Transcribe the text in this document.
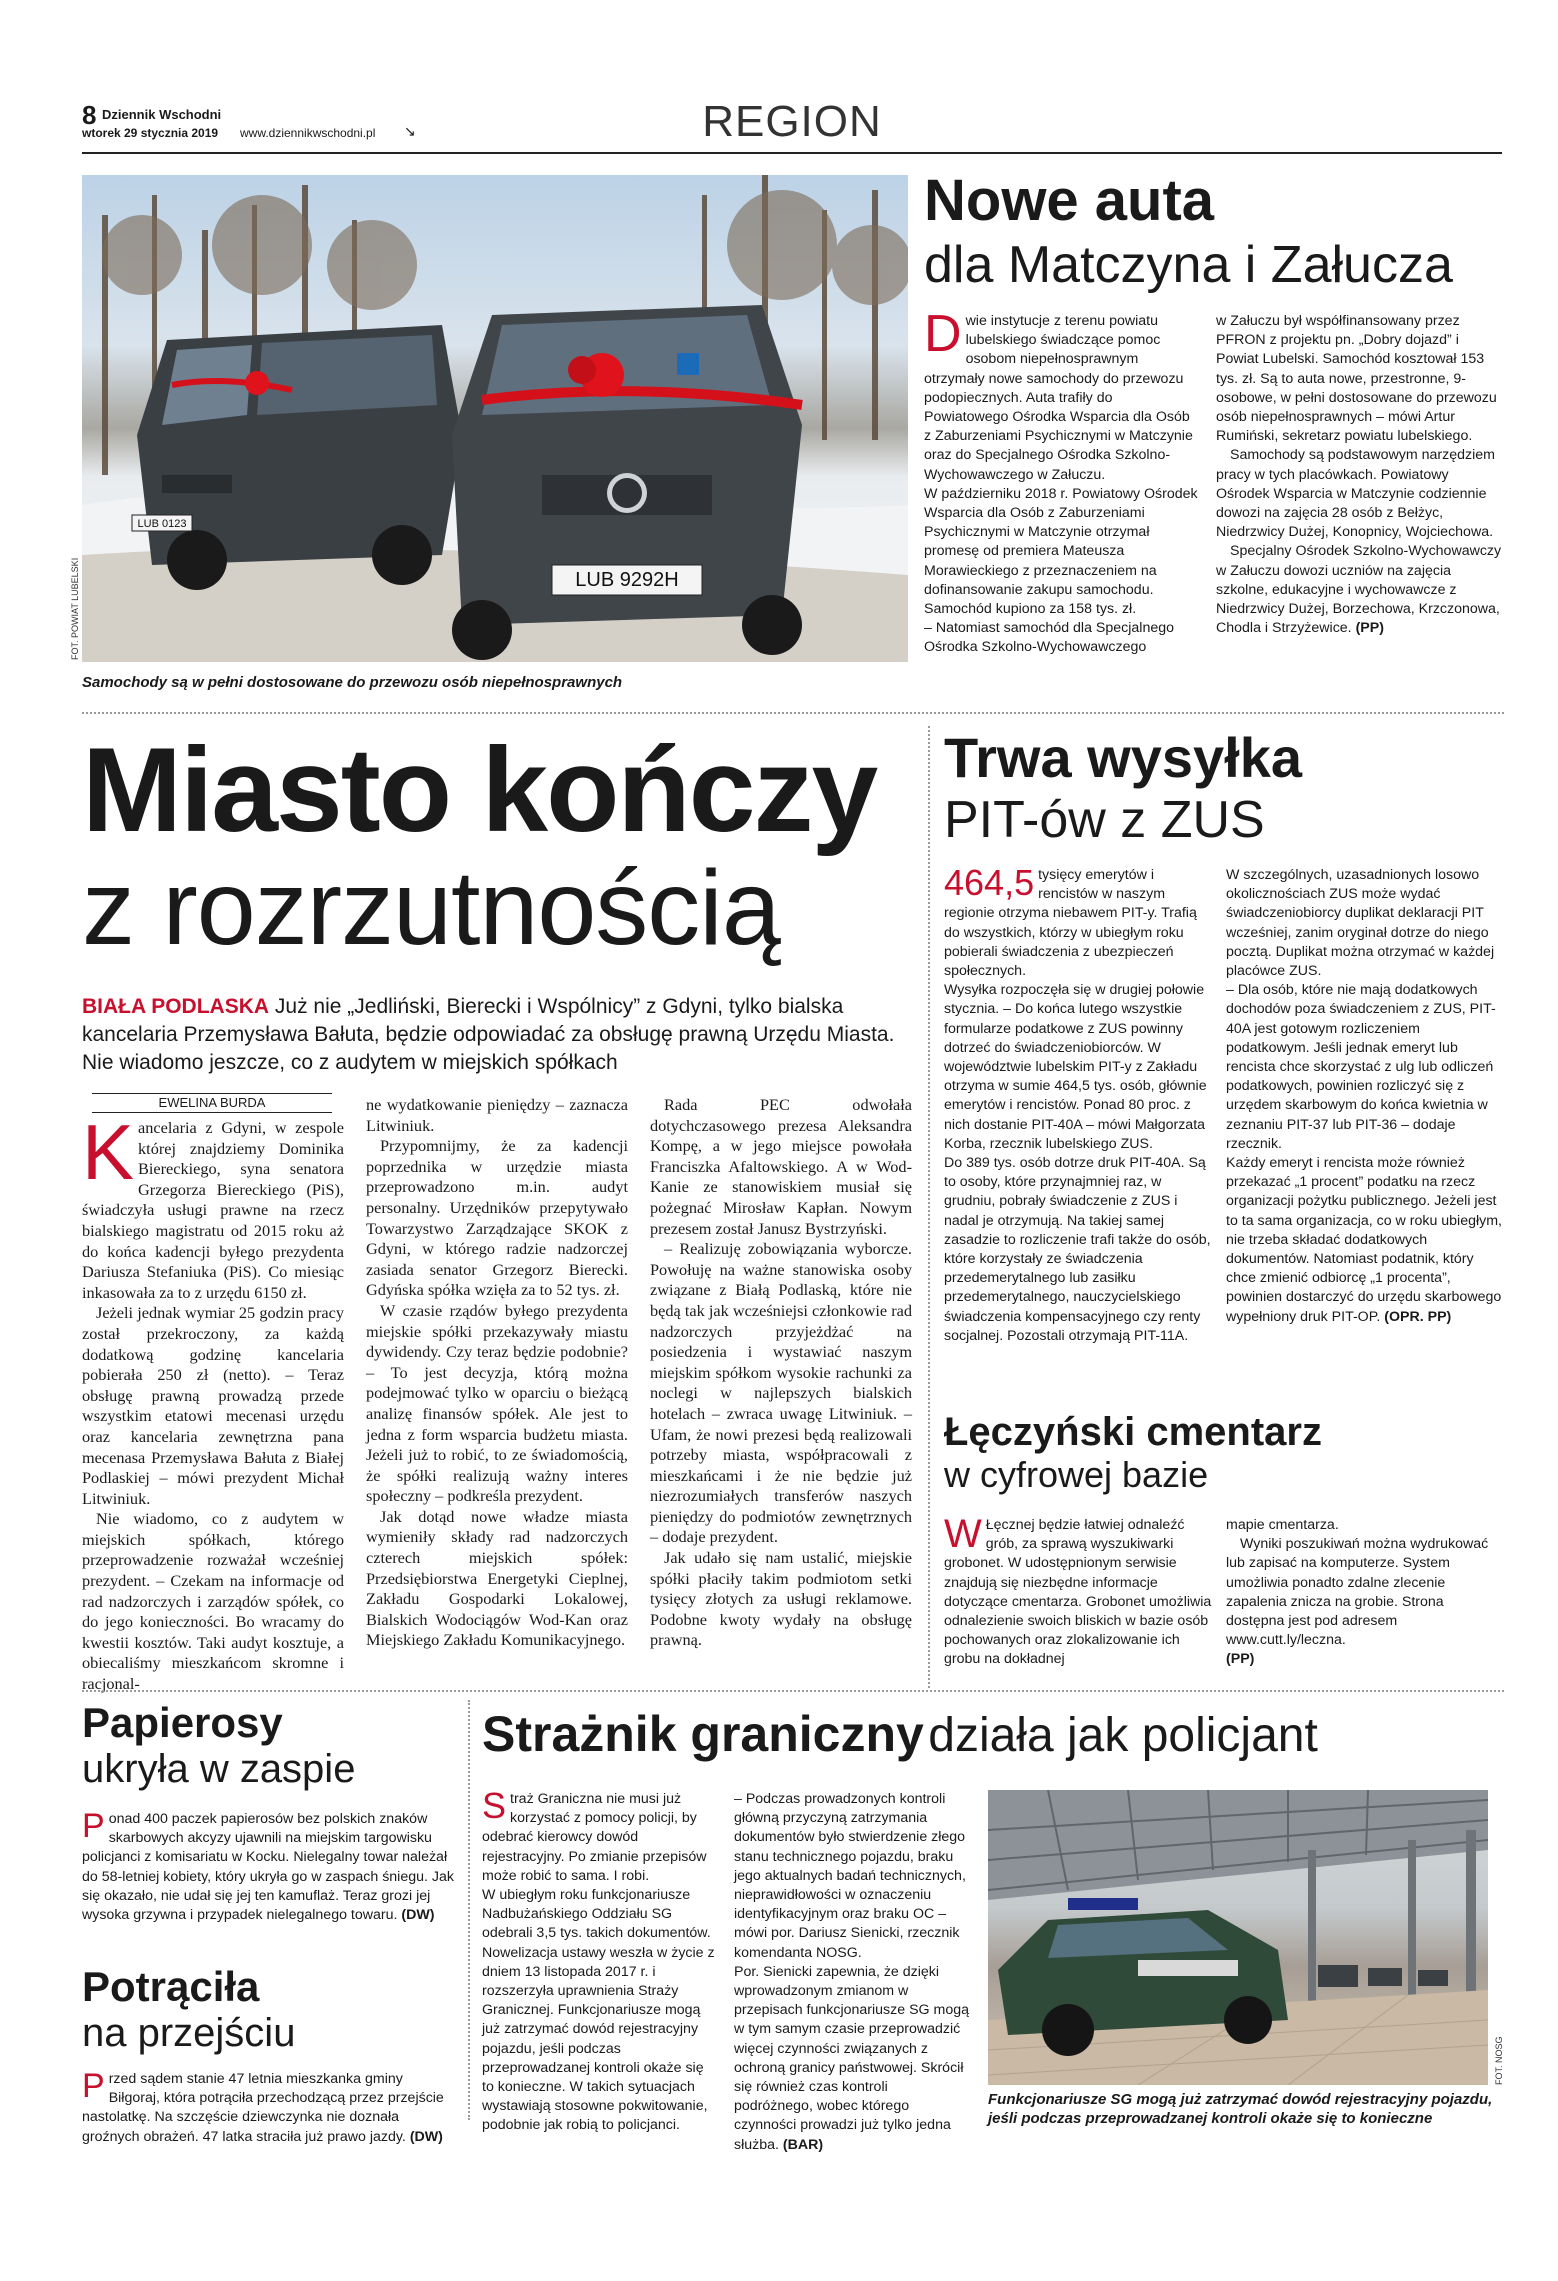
8 Dziennik Wschodni
wtorek 29 stycznia 2019 www.dziennikwschodni.pl ↘	REGION
LUB 0123
LUB 9292H
FOT. POWIAT LUBELSKI
Samochody są w pełni dostosowane do przewozu osób niepełnosprawnych
Nowe auta
dla Matczyna i Załucza
D wie instytucje z terenu powiatu lubelskiego świadczące pomoc osobom niepełnosprawnym otrzymały nowe samochody do przewozu podopiecznych. Auta trafiły do Powiatowego Ośrodka Wsparcia dla Osób z Zaburzeniami Psychicznymi w Matczynie oraz do Specjalnego Ośrodka Szkolno-Wychowawczego w Załuczu.
W październiku 2018 r. Powiatowy Ośrodek Wsparcia dla Osób z Zaburzeniami Psychicznymi w Matczynie otrzymał promesę od premiera Mateusza Morawieckiego z przeznaczeniem na dofinansowanie zakupu samochodu. Samochód kupiono za 158 tys. zł.
– Natomiast samochód dla Specjalnego Ośrodka Szkolno-Wychowawczego
w Załuczu był współfinansowany przez PFRON z projektu pn. „Dobry dojazd” i Powiat Lubelski. Samochód kosztował 153 tys. zł. Są to auta nowe, przestronne, 9-osobowe, w pełni dostosowane do przewozu osób niepełnosprawnych – mówi Artur Rumiński, sekretarz powiatu lubelskiego.
Samochody są podstawowym narzędziem pracy w tych placówkach. Powiatowy Ośrodek Wsparcia w Matczynie codziennie dowozi na zajęcia 28 osób z Bełżyc, Niedrzwicy Dużej, Konopnicy, Wojciechowa.
Specjalny Ośrodek Szkolno-Wychowawczy w Załuczu dowozi uczniów na zajęcia szkolne, edukacyjne i wychowawcze z Niedrzwicy Dużej, Borzechowa, Krzczonowa, Chodla i Strzyżewice. (PP)
Miasto kończy
z rozrzutnością
BIAŁA PODLASKA Już nie „Jedliński, Bierecki i Wspólnicy” z Gdyni, tylko bialska kancelaria Przemysława Bałuta, będzie odpowiadać za obsługę prawną Urzędu Miasta. Nie wiadomo jeszcze, co z audytem w miejskich spółkach
EWELINA BURDA
K ancelaria z Gdyni, w zespole której znajdziemy Dominika Biereckiego, syna senatora Grzegorza Biereckiego (PiS), świadczyła usługi prawne na rzecz bialskiego magistratu od 2015 roku aż do końca kadencji byłego prezydenta Dariusza Stefaniuka (PiS). Co miesiąc inkasowała za to z urzędu 6150 zł.
Jeżeli jednak wymiar 25 godzin pracy został przekroczony, za każdą dodatkową godzinę kancelaria pobierała 250 zł (netto). – Teraz obsługę prawną prowadzą przede wszystkim etatowi mecenasi urzędu oraz kancelaria zewnętrzna pana mecenasa Przemysława Bałuta z Białej Podlaskiej – mówi prezydent Michał Litwiniuk.
Nie wiadomo, co z audytem w miejskich spółkach, którego przeprowadzenie rozważał wcześniej prezydent. – Czekam na informacje od rad nadzorczych i zarządów spółek, co do jego konieczności. Bo wracamy do kwestii kosztów. Taki audyt kosztuje, a obiecaliśmy mieszkańcom skromne i racjonal-
ne wydatkowanie pieniędzy – zaznacza Litwiniuk.
Przypomnijmy, że za kadencji poprzednika w urzędzie miasta przeprowadzono m.in. audyt personalny. Urzędników przepytywało Towarzystwo Zarządzające SKOK z Gdyni, w którego radzie nadzorczej zasiada senator Grzegorz Bierecki. Gdyńska spółka wzięła za to 52 tys. zł.
W czasie rządów byłego prezydenta miejskie spółki przekazywały miastu dywidendy. Czy teraz będzie podobnie? – To jest decyzja, którą można podejmować tylko w oparciu o bieżącą analizę finansów spółek. Ale jest to jedna z form wsparcia budżetu miasta. Jeżeli już to robić, to ze świadomością, że spółki realizują ważny interes społeczny – podkreśla prezydent.
Jak dotąd nowe władze miasta wymieniły składy rad nadzorczych czterech miejskich spółek: Przedsiębiorstwa Energetyki Cieplnej, Zakładu Gospodarki Lokalowej, Bialskich Wodociągów Wod-Kan oraz Miejskiego Zakładu Komunikacyjnego.
Rada PEC odwołała dotychczasowego prezesa Aleksandra Kompę, a w jego miejsce powołała Franciszka Afaltowskiego. A w Wod-Kanie ze stanowiskiem musiał się pożegnać Mirosław Kapłan. Nowym prezesem został Janusz Bystrzyński.
– Realizuję zobowiązania wyborcze. Powołuję na ważne stanowiska osoby związane z Białą Podlaską, które nie będą tak jak wcześniejsi członkowie rad nadzorczych przyjeżdżać na posiedzenia i wystawiać naszym miejskim spółkom wysokie rachunki za noclegi w najlepszych bialskich hotelach – zwraca uwagę Litwiniuk. – Ufam, że nowi prezesi będą realizowali potrzeby miasta, współpracowali z mieszkańcami i że nie będzie już niezrozumiałych transferów naszych pieniędzy do podmiotów zewnętrznych – dodaje prezydent.
Jak udało się nam ustalić, miejskie spółki płaciły takim podmiotom setki tysięcy złotych za usługi reklamowe. Podobne kwoty wydały na obsługę prawną.
Trwa wysyłka
PIT-ów z ZUS
464,5 tysięcy emerytów i rencistów w naszym regionie otrzyma niebawem PIT-y. Trafią do wszystkich, którzy w ubiegłym roku pobierali świadczenia z ubezpieczeń społecznych.
Wysyłka rozpoczęła się w drugiej połowie stycznia. – Do końca lutego wszystkie formularze podatkowe z ZUS powinny dotrzeć do świadczeniobiorców. W województwie lubelskim PIT-y z Zakładu otrzyma w sumie 464,5 tys. osób, głównie emerytów i rencistów. Ponad 80 proc. z nich dostanie PIT-40A – mówi Małgorzata Korba, rzecznik lubelskiego ZUS.
Do 389 tys. osób dotrze druk PIT-40A. Są to osoby, które przynajmniej raz, w grudniu, pobrały świadczenie z ZUS i nadal je otrzymują. Na takiej samej zasadzie to rozliczenie trafi także do osób, które korzystały ze świadczenia przedemerytalnego lub zasiłku przedemerytalnego, nauczycielskiego świadczenia kompensacyjnego czy renty socjalnej. Pozostali otrzymają PIT-11A.
W szczególnych, uzasadnionych losowo okolicznościach ZUS może wydać świadczeniobiorcy duplikat deklaracji PIT wcześniej, zanim oryginał dotrze do niego pocztą. Duplikat można otrzymać w każdej placówce ZUS.
– Dla osób, które nie mają dodatkowych dochodów poza świadczeniem z ZUS, PIT-40A jest gotowym rozliczeniem podatkowym. Jeśli jednak emeryt lub rencista chce skorzystać z ulg lub odliczeń podatkowych, powinien rozliczyć się z urzędem skarbowym do końca kwietnia w zeznaniu PIT-37 lub PIT-36 – dodaje rzecznik.
Każdy emeryt i rencista może również przekazać „1 procent” podatku na rzecz organizacji pożytku publicznego. Jeżeli jest to ta sama organizacja, co w roku ubiegłym, nie trzeba składać dodatkowych dokumentów. Natomiast podatnik, który chce zmienić odbiorcę „1 procenta”, powinien dostarczyć do urzędu skarbowego wypełniony druk PIT-OP. (OPR. PP)
Łęczyński cmentarz
w cyfrowej bazie
W Łęcznej będzie łatwiej odnaleźć grób, za sprawą wyszukiwarki grobonet. W udostępnionym serwisie znajdują się niezbędne informacje dotyczące cmentarza. Grobonet umożliwia odnalezienie swoich bliskich w bazie osób pochowanych oraz zlokalizowanie ich grobu na dokładnej
mapie cmentarza.
Wyniki poszukiwań można wydrukować lub zapisać na komputerze. System umożliwia ponadto zdalne zlecenie zapalenia znicza na grobie. Strona dostępna jest pod adresem www.cutt.ly/leczna.
(PP)
Papierosy
ukryła w zaspie
P onad 400 paczek papierosów bez polskich znaków skarbowych akcyzy ujawnili na miejskim targowisku policjanci z komisariatu w Kocku. Nielegalny towar należał do 58-letniej kobiety, który ukryła go w zaspach śniegu. Jak się okazało, nie udał się jej ten kamuflaż. Teraz grozi jej wysoka grzywna i przypadek nielegalnego towaru. (DW)
Potrąciła
na przejściu
P rzed sądem stanie 47 letnia mieszkanka gminy Biłgoraj, która potrąciła przechodzącą przez przejście nastolatkę. Na szczęście dziewczynka nie doznała groźnych obrażeń. 47 latka straciła już prawo jazdy. (DW)
Strażnik graniczny działa jak policjant
S traż Graniczna nie musi już korzystać z pomocy policji, by odebrać kierowcy dowód rejestracyjny. Po zmianie przepisów może robić to sama. I robi.
W ubiegłym roku funkcjonariusze Nadbużańskiego Oddziału SG odebrali 3,5 tys. takich dokumentów.
Nowelizacja ustawy weszła w życie z dniem 13 listopada 2017 r. i rozszerzyła uprawnienia Straży Granicznej. Funkcjonariusze mogą już zatrzymać dowód rejestracyjny pojazdu, jeśli podczas przeprowadzanej kontroli okaże się to konieczne. W takich sytuacjach wystawiają stosowne pokwitowanie, podobnie jak robią to policjanci.
– Podczas prowadzonych kontroli główną przyczyną zatrzymania dokumentów było stwierdzenie złego stanu technicznego pojazdu, braku jego aktualnych badań technicznych, nieprawidłowości w oznaczeniu identyfikacyjnym oraz braku OC – mówi por. Dariusz Sienicki, rzecznik komendanta NOSG.
Por. Sienicki zapewnia, że dzięki wprowadzonym zmianom w przepisach funkcjonariusze SG mogą w tym samym czasie przeprowadzić więcej czynności związanych z ochroną granicy państwowej. Skrócił się również czas kontroli podróżnego, wobec którego czynności prowadzi już tylko jedna służba. (BAR)
FOT. NOSG
Funkcjonariusze SG mogą już zatrzymać dowód rejestracyjny pojazdu, jeśli podczas przeprowadzanej kontroli okaże się to konieczne
